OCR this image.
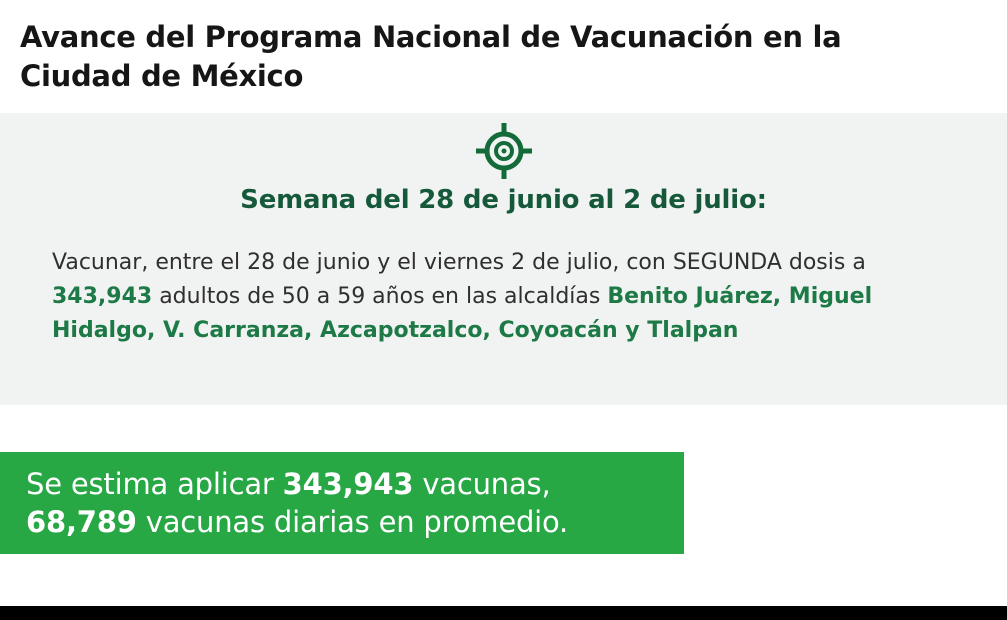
Avance del Programa Nacional de Vacunación en la Ciudad de México
Semana del 28 de junio al 2 de julio:
Vacunar, entre el 28 de junio y el viernes 2 de julio, con SEGUNDA dosis a 343,943 adultos de 50 a 59 años en las alcaldías Benito Juárez, Miguel Hidalgo, V. Carranza, Azcapotzalco, Coyoacán y Tlalpan
Se estima aplicar 343,943 vacunas,
68,789 vacunas diarias en promedio.
